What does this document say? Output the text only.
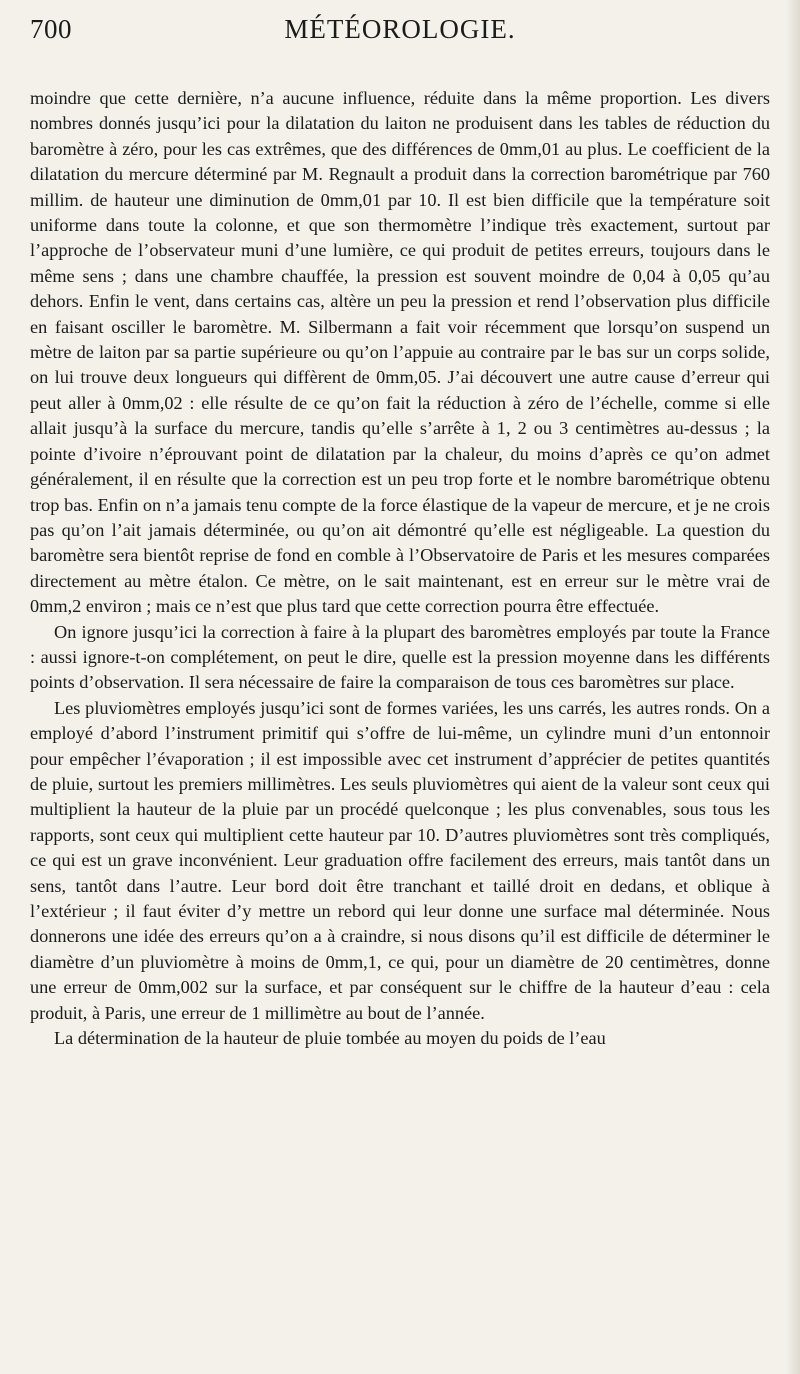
700	MÉTÉOROLOGIE.

moindre que cette dernière, n’a aucune influence, réduite dans la même proportion. Les divers nombres donnés jusqu’ici pour la dilatation du laiton ne produisent dans les tables de réduction du baromètre à zéro, pour les cas extrêmes, que des différences de 0mm,01 au plus. Le coefficient de la dilatation du mercure déterminé par M. Regnault a produit dans la correction barométrique par 760 millim. de hauteur une diminution de 0mm,01 par 10. Il est bien difficile que la température soit uniforme dans toute la colonne, et que son thermomètre l’indique très exactement, surtout par l’approche de l’observateur muni d’une lumière, ce qui produit de petites erreurs, toujours dans le même sens ; dans une chambre chauffée, la pression est souvent moindre de 0,04 à 0,05 qu’au dehors. Enfin le vent, dans certains cas, altère un peu la pression et rend l’observation plus difficile en faisant osciller le baromètre. M. Silbermann a fait voir récemment que lorsqu’on suspend un mètre de laiton par sa partie supérieure ou qu’on l’appuie au contraire par le bas sur un corps solide, on lui trouve deux longueurs qui diffèrent de 0mm,05. J’ai découvert une autre cause d’erreur qui peut aller à 0mm,02 : elle résulte de ce qu’on fait la réduction à zéro de l’échelle, comme si elle allait jusqu’à la surface du mercure, tandis qu’elle s’arrête à 1, 2 ou 3 centimètres au-dessus ; la pointe d’ivoire n’éprouvant point de dilatation par la chaleur, du moins d’après ce qu’on admet généralement, il en résulte que la correction est un peu trop forte et le nombre barométrique obtenu trop bas. Enfin on n’a jamais tenu compte de la force élastique de la vapeur de mercure, et je ne crois pas qu’on l’ait jamais déterminée, ou qu’on ait démontré qu’elle est négligeable. La question du baromètre sera bientôt reprise de fond en comble à l’Observatoire de Paris et les mesures comparées directement au mètre étalon. Ce mètre, on le sait maintenant, est en erreur sur le mètre vrai de 0mm,2 environ ; mais ce n’est que plus tard que cette correction pourra être effectuée.

On ignore jusqu’ici la correction à faire à la plupart des baromètres employés par toute la France : aussi ignore-t-on complétement, on peut le dire, quelle est la pression moyenne dans les différents points d’observation. Il sera nécessaire de faire la comparaison de tous ces baromètres sur place.

Les pluviomètres employés jusqu’ici sont de formes variées, les uns carrés, les autres ronds. On a employé d’abord l’instrument primitif qui s’offre de lui-même, un cylindre muni d’un entonnoir pour empêcher l’évaporation ; il est impossible avec cet instrument d’apprécier de petites quantités de pluie, surtout les premiers millimètres. Les seuls pluviomètres qui aient de la valeur sont ceux qui multiplient la hauteur de la pluie par un procédé quelconque ; les plus convenables, sous tous les rapports, sont ceux qui multiplient cette hauteur par 10. D’autres pluviomètres sont très compliqués, ce qui est un grave inconvénient. Leur graduation offre facilement des erreurs, mais tantôt dans un sens, tantôt dans l’autre. Leur bord doit être tranchant et taillé droit en dedans, et oblique à l’extérieur ; il faut éviter d’y mettre un rebord qui leur donne une surface mal déterminée. Nous donnerons une idée des erreurs qu’on a à craindre, si nous disons qu’il est difficile de déterminer le diamètre d’un pluviomètre à moins de 0mm,1, ce qui, pour un diamètre de 20 centimètres, donne une erreur de 0mm,002 sur la surface, et par conséquent sur le chiffre de la hauteur d’eau : cela produit, à Paris, une erreur de 1 millimètre au bout de l’année.

La détermination de la hauteur de pluie tombée au moyen du poids de l’eau
